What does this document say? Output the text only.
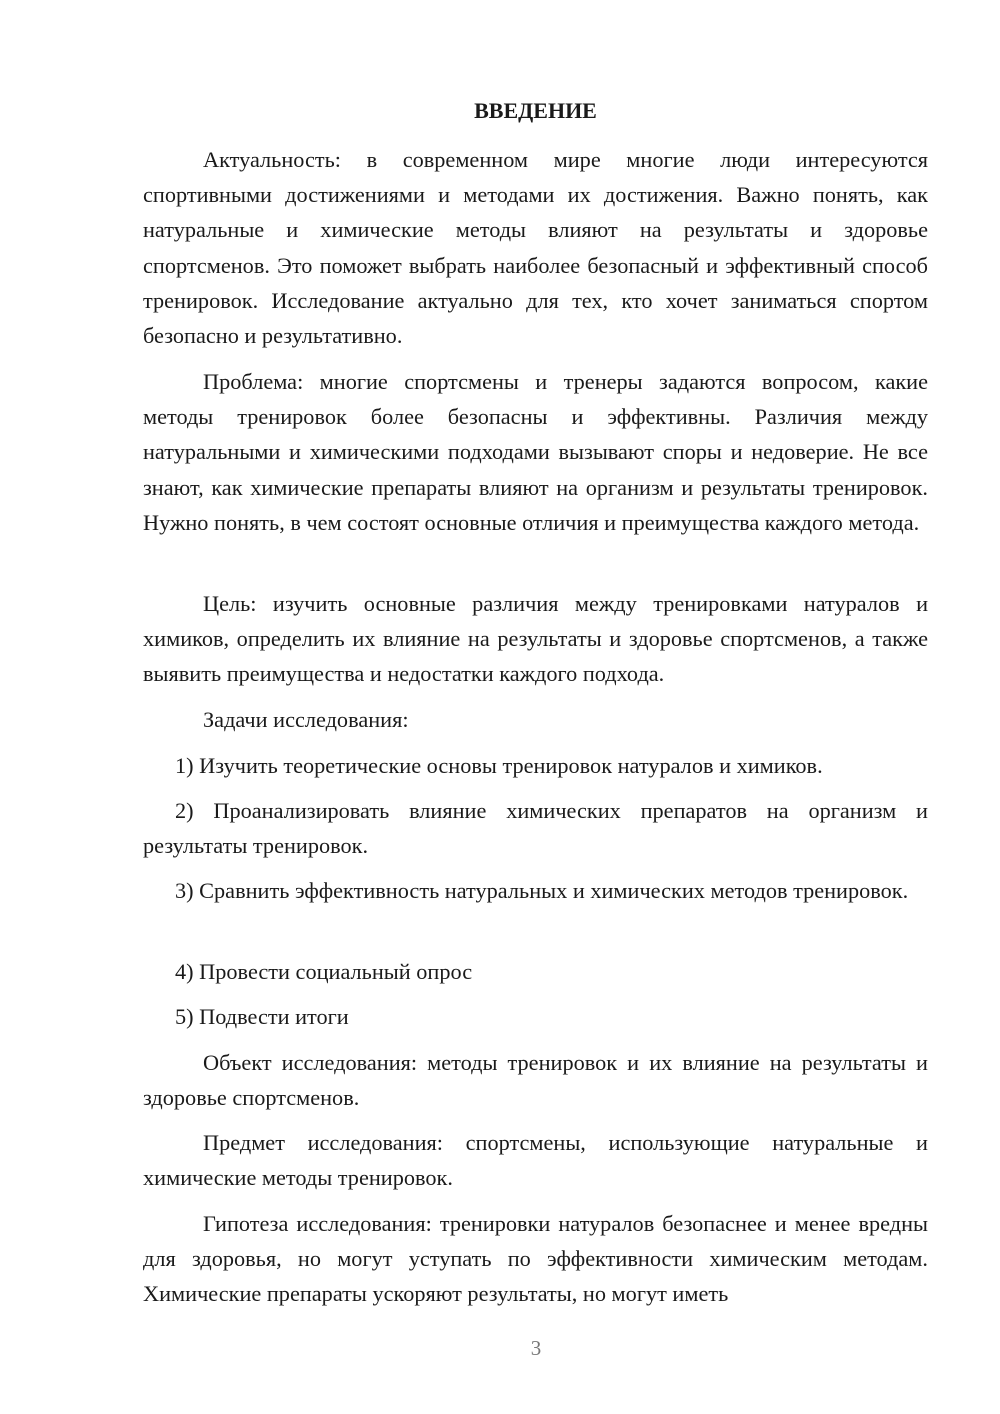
ВВЕДЕНИЕ

Актуальность: в современном мире многие люди интересуются спортивными достижениями и методами их достижения. Важно понять, как натуральные и химические методы влияют на результаты и здоровье спортсменов. Это поможет выбрать наиболее безопасный и эффективный способ тренировок. Исследование актуально для тех, кто хочет заниматься спортом безопасно и результативно.

Проблема: многие спортсмены и тренеры задаются вопросом, какие методы тренировок более безопасны и эффективны. Различия между натуральными и химическими подходами вызывают споры и недоверие. Не все знают, как химические препараты влияют на организм и результаты тренировок. Нужно понять, в чем состоят основные отличия и преимущества каждого метода.

Цель: изучить основные различия между тренировками натуралов и химиков, определить их влияние на результаты и здоровье спортсменов, а также выявить преимущества и недостатки каждого подхода.

Задачи исследования:

1) Изучить теоретические основы тренировок натуралов и химиков.

2) Проанализировать влияние химических препаратов на организм и результаты тренировок.

3) Сравнить эффективность натуральных и химических методов тренировок.

4) Провести социальный опрос

5) Подвести итоги

Объект исследования: методы тренировок и их влияние на результаты и здоровье спортсменов.

Предмет исследования: спортсмены, использующие натуральные и химические методы тренировок.

Гипотеза исследования: тренировки натуралов безопаснее и менее вредны для здоровья, но могут уступать по эффективности химическим методам. Химические препараты ускоряют результаты, но могут иметь

3
